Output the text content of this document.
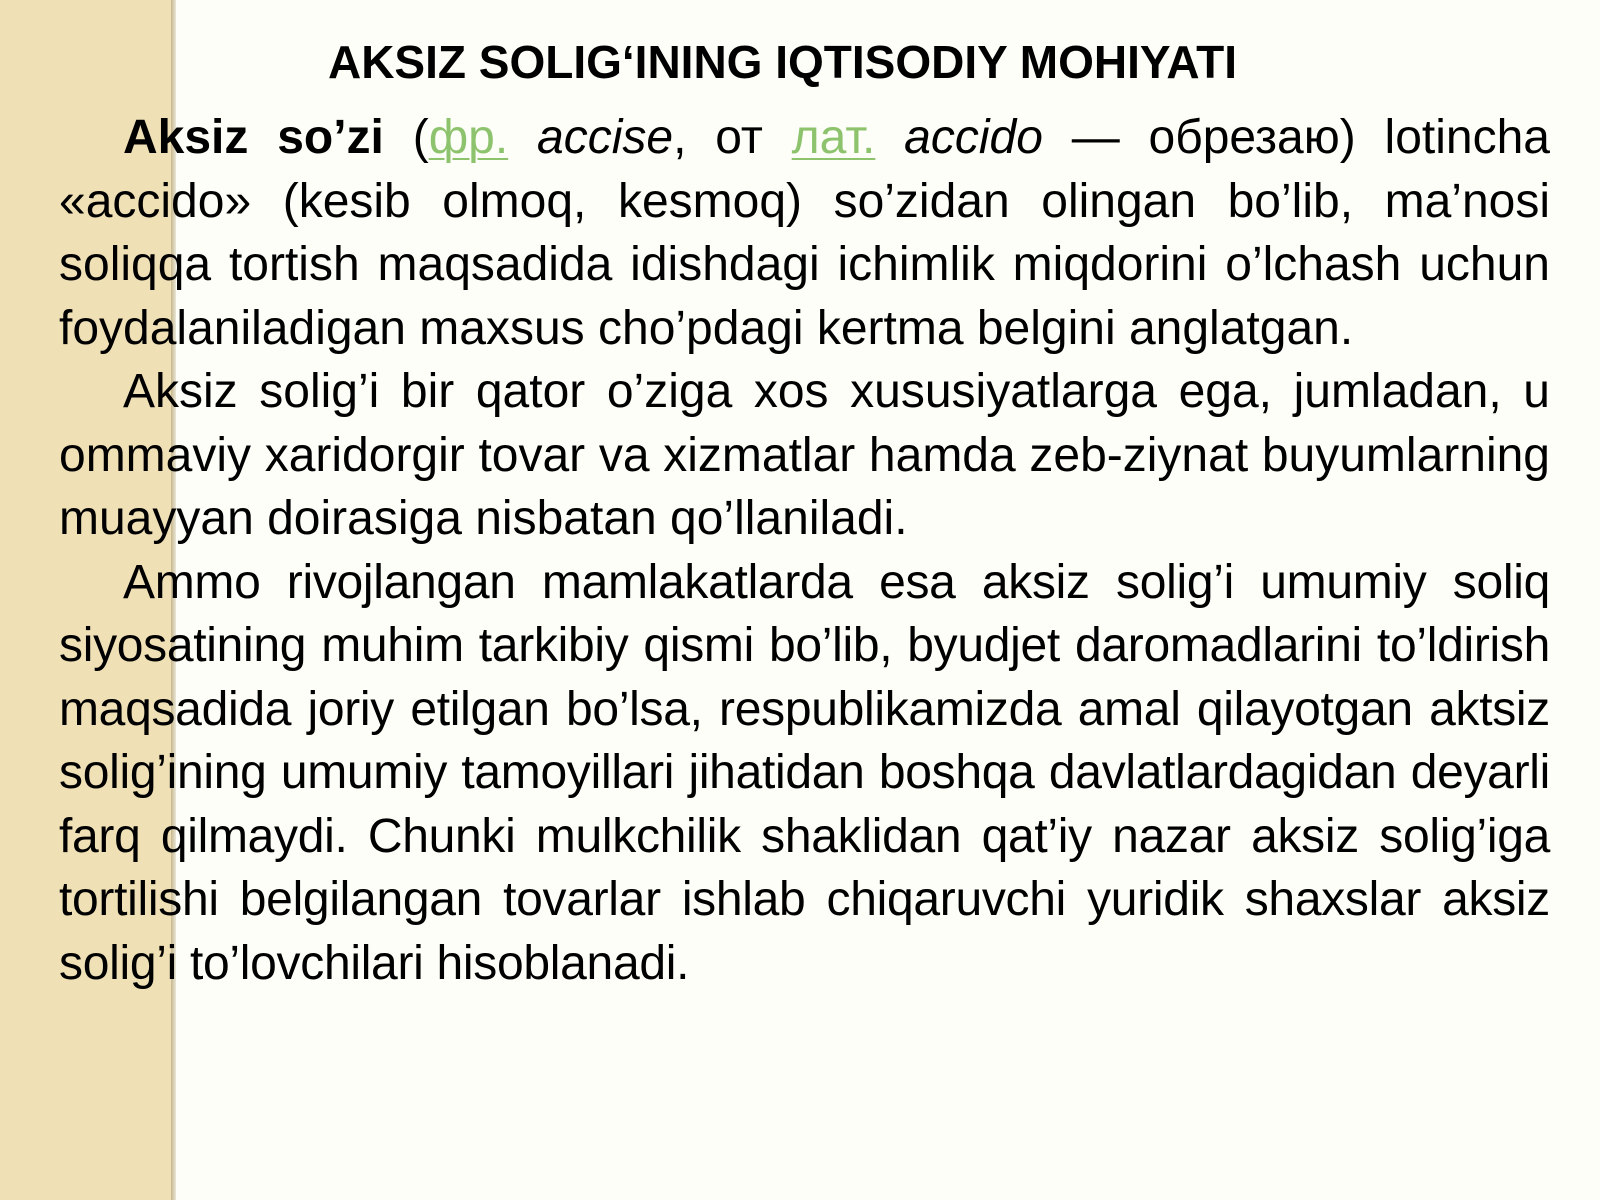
AKSIZ SOLIG‘INING IQTISODIY MOHIYATI

Aksiz so’zi (фр. accise, от лат. accido — обрезаю) lotincha «accido» (kesib olmoq, kesmoq) so’zidan olingan bo’lib, ma’nosi soliqqa tortish maqsadida idishdagi ichimlik miqdorini o’lchash uchun foydalaniladigan maxsus cho’pdagi kertma belgini anglatgan.

Aksiz solig’i bir qator o’ziga xos xususiyatlarga ega, jumladan, u ommaviy xaridorgir tovar va xizmatlar hamda zeb-ziynat buyumlarning muayyan doirasiga nisbatan qo’llaniladi.

Ammo rivojlangan mamlakatlarda esa aksiz solig’i umumiy soliq siyosatining muhim tarkibiy qismi bo’lib, byudjet daromadlarini to’ldirish maqsadida joriy etilgan bo’lsa, respublikamizda amal qilayotgan aktsiz solig’ining umumiy tamoyillari jihatidan boshqa davlatlardagidan deyarli farq qilmaydi. Chunki mulkchilik shaklidan qat’iy nazar aksiz solig’iga tortilishi belgilangan tovarlar ishlab chiqaruvchi yuridik shaxslar aksiz solig’i to’lovchilari hisoblanadi.
